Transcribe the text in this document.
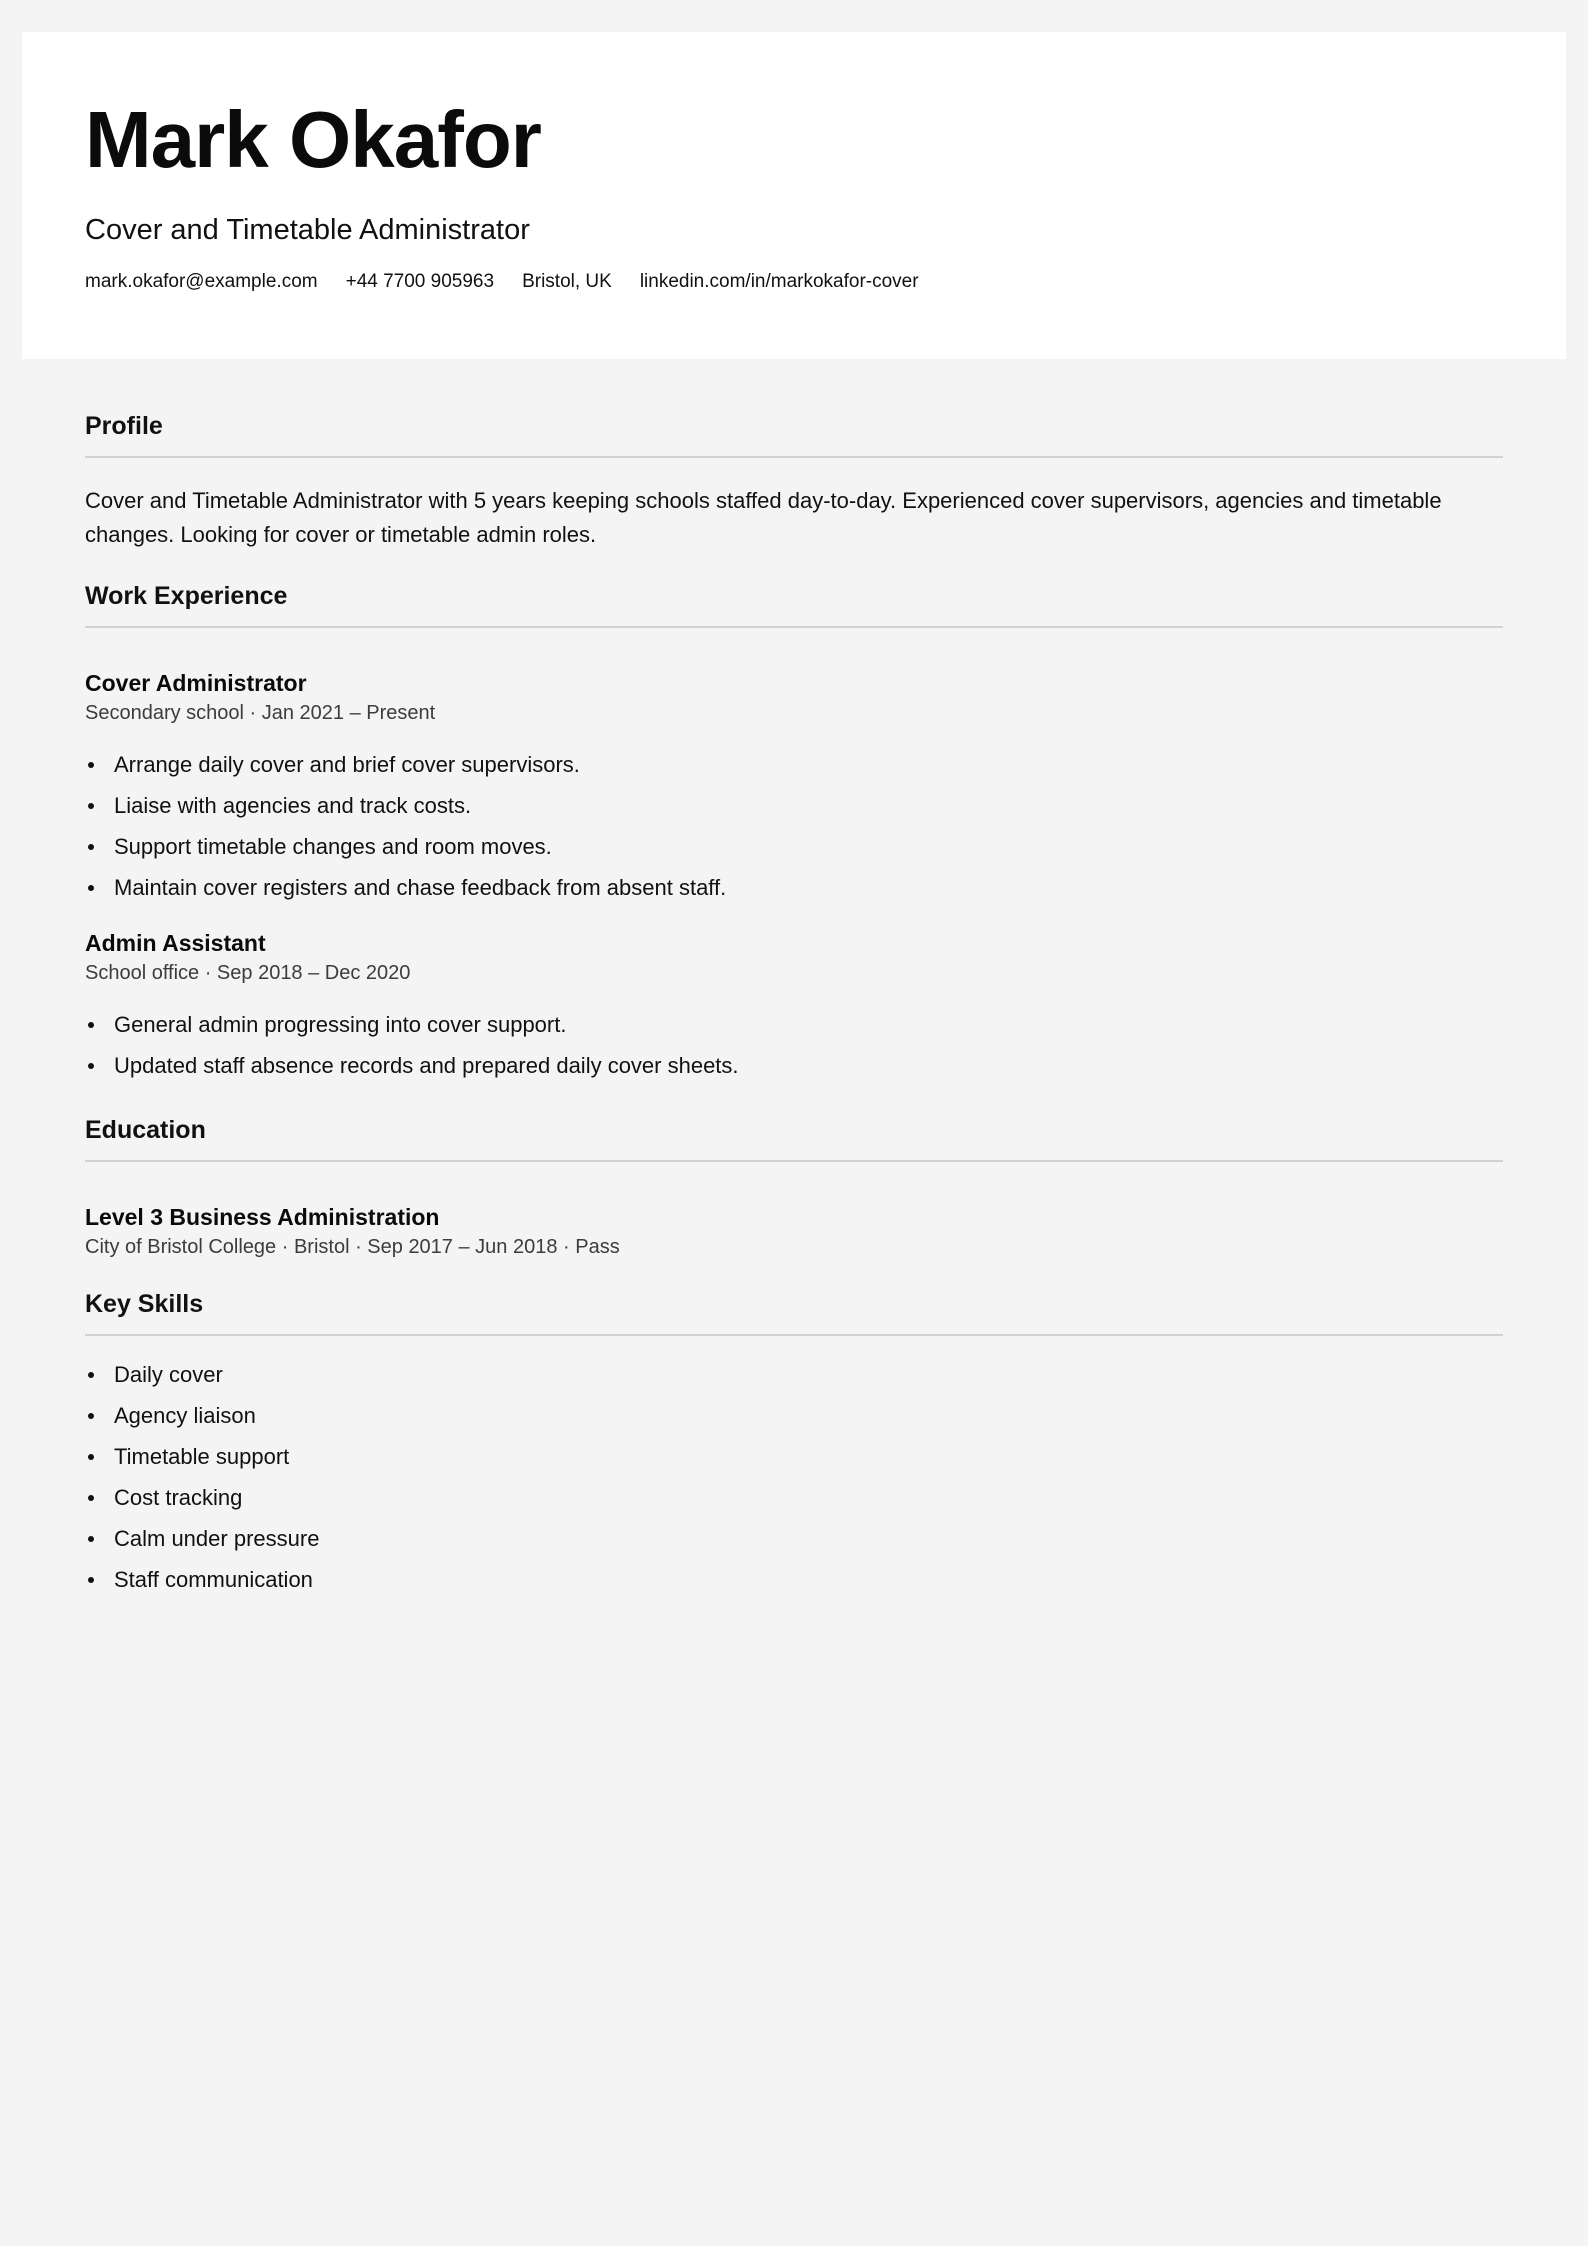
Mark Okafor

Cover and Timetable Administrator

mark.okafor@example.com +44 7700 905963 Bristol, UK linkedin.com/in/markokafor-cover
Profile

Cover and Timetable Administrator with 5 years keeping schools staffed day-to-day. Experienced cover supervisors, agencies and timetable changes. Looking for cover or timetable admin roles.

Work Experience
Cover Administrator

Secondary school · Jan 2021 – Present

Arrange daily cover and brief cover supervisors.
Liaise with agencies and track costs.
Support timetable changes and room moves.
Maintain cover registers and chase feedback from absent staff.
Admin Assistant

School office · Sep 2018 – Dec 2020

General admin progressing into cover support.
Updated staff absence records and prepared daily cover sheets.
Education
Level 3 Business Administration

City of Bristol College · Bristol · Sep 2017 – Jun 2018 · Pass

Key Skills
Daily cover
Agency liaison
Timetable support
Cost tracking
Calm under pressure
Staff communication
